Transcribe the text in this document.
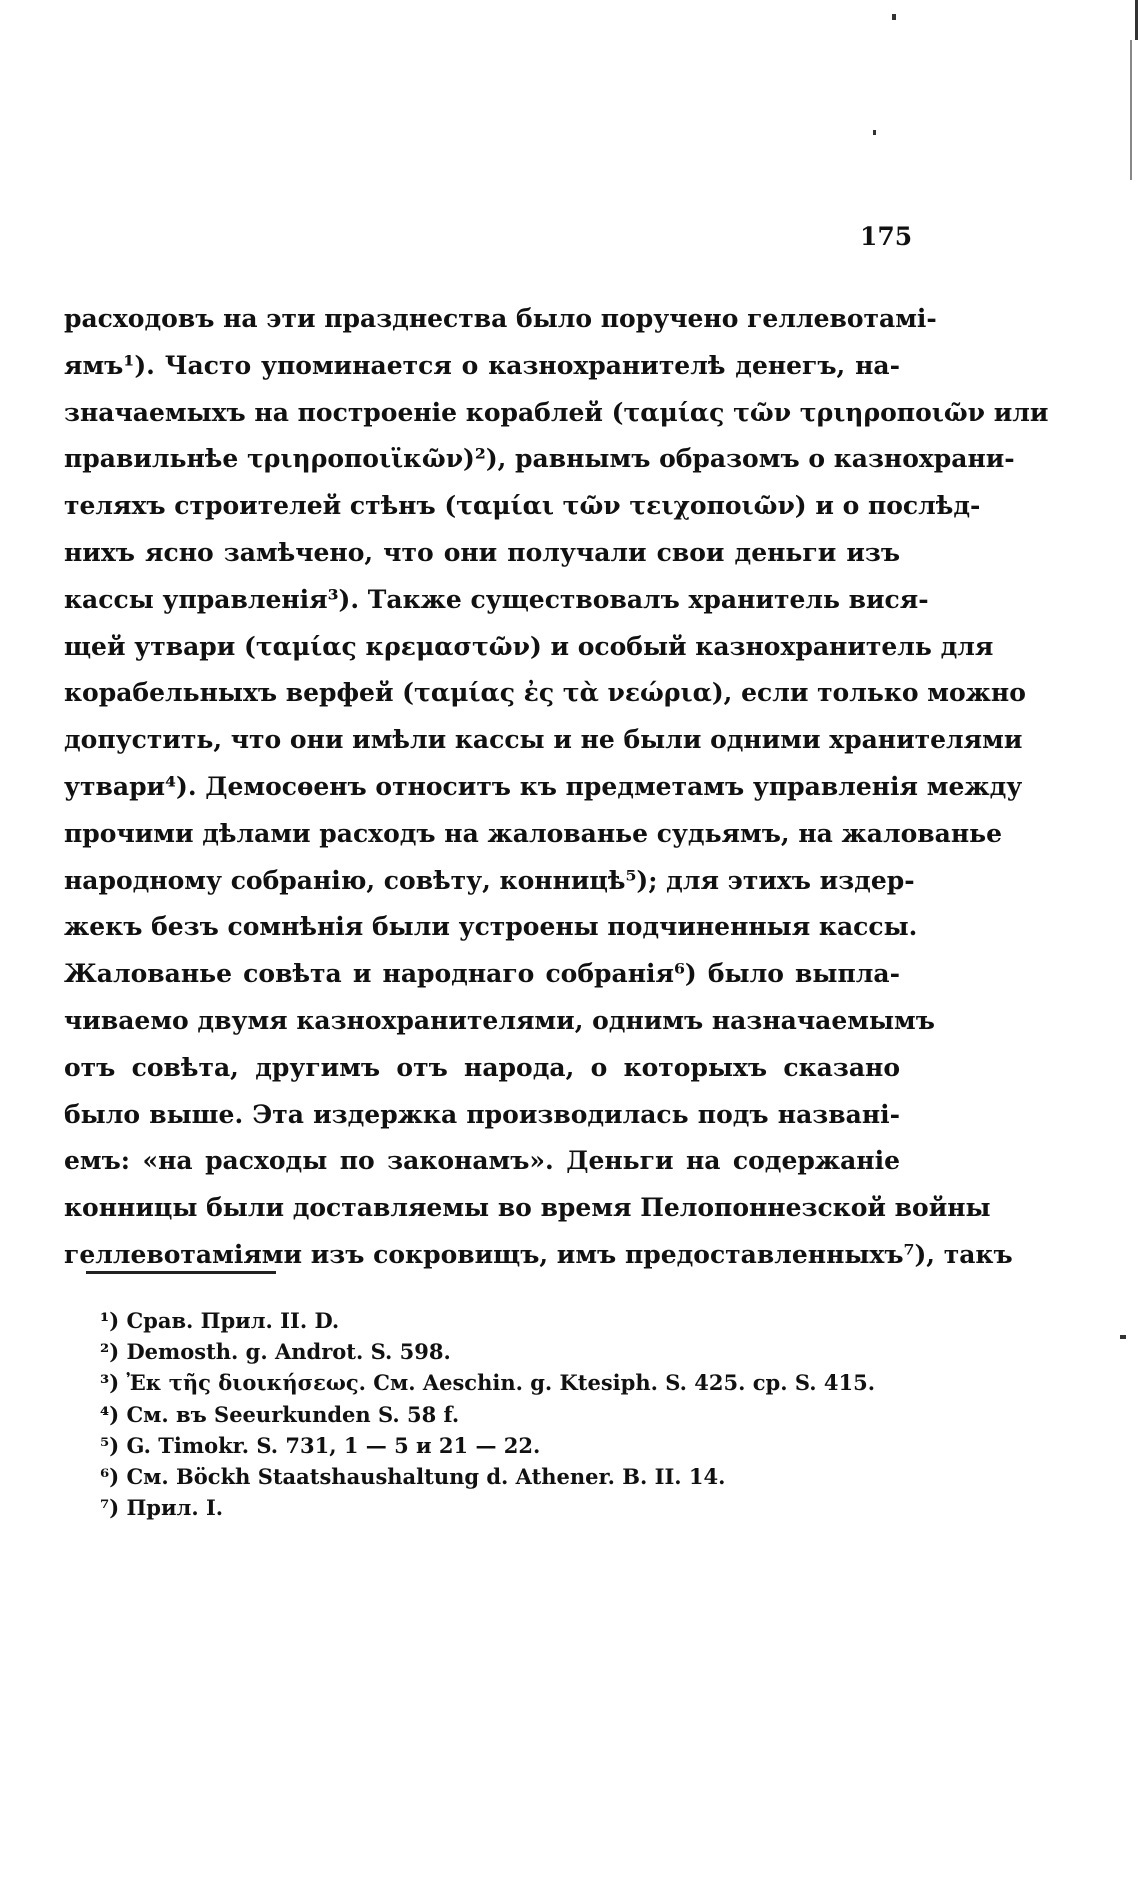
175
расходовъ на эти празднества было поручено геллевотамі-
ямъ¹). Часто упоминается о казнохранителѣ денегъ, на-
значаемыхъ на построеніе кораблей (ταμίας τῶν τριηροποιῶν или
правильнѣе τριηροποιϊκῶν)²), равнымъ образомъ о казнохрани-
теляхъ строителей стѣнъ (ταμίαι τῶν τειχοποιῶν) и о послѣд-
нихъ ясно замѣчено, что они получали свои деньги изъ
кассы управленія³). Также существовалъ хранитель вися-
щей утвари (ταμίας κρεμαστῶν) и особый казнохранитель для
корабельныхъ верфей (ταμίας ἐς τὰ νεώρια), если только можно
допустить, что они имѣли кассы и не были одними хранителями
утвари⁴). Демосѳенъ относитъ къ предметамъ управленія между
прочими дѣлами расходъ на жалованье судьямъ, на жалованье
народному собранію, совѣту, конницѣ⁵); для этихъ издер-
жекъ безъ сомнѣнія были устроены подчиненныя кассы.
Жалованье совѣта и народнаго собранія⁶) было выпла-
чиваемо двумя казнохранителями, однимъ назначаемымъ
отъ совѣта, другимъ отъ народа, о которыхъ сказано
было выше. Эта издержка производилась подъ названі-
емъ: «на расходы по законамъ». Деньги на содержаніе
конницы были доставляемы во время Пелопоннезской войны
геллевотаміями изъ сокровищъ, имъ предоставленныхъ⁷), такъ
¹) Срав. Прил. II. D.
²) Demosth. g. Androt. S. 598.
³) Ἐκ τῆς διοικήσεως. См. Aeschin. g. Ktesiph. S. 425. ср. S. 415.
⁴) См. въ Seeurkunden S. 58 f.
⁵) G. Timokr. S. 731, 1 — 5 и 21 — 22.
⁶) См. Böckh Staatshaushaltung d. Athener. B. II. 14.
⁷) Прил. I.
